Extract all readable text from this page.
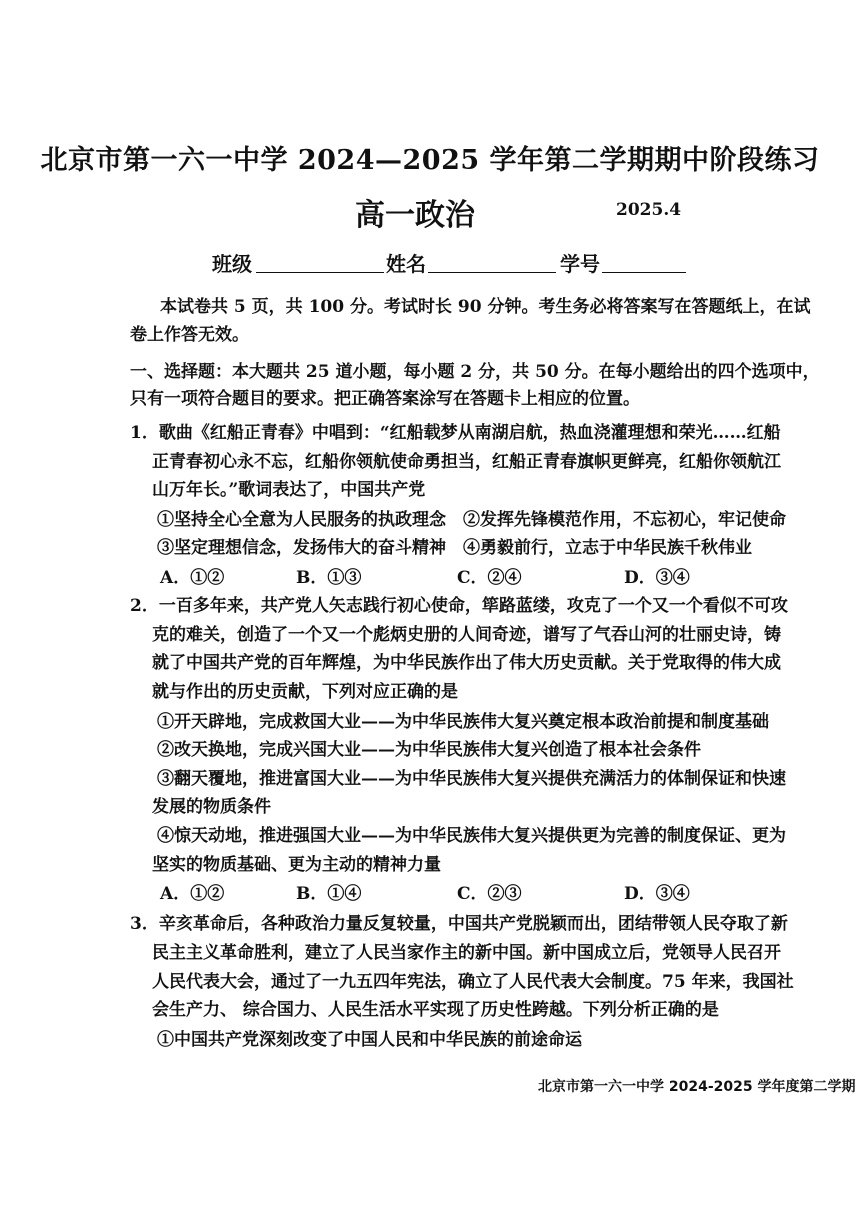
北京市第一六一中学 2024—2025 学年第二学期期中阶段练习
高一政治	2025.4
班级	姓名	学号
本试卷共 5 页，共 100 分。考试时长 90 分钟。考生务必将答案写在答题纸上，在试
卷上作答无效。
一、选择题：本大题共 25 道小题，每小题 2 分，共 50 分。在每小题给出的四个选项中，
只有一项符合题目的要求。把正确答案涂写在答题卡上相应的位置。
1．歌曲《红船正青春》中唱到：“红船载梦从南湖启航，热血浇灌理想和荣光……红船
正青春初心永不忘，红船你领航使命勇担当，红船正青春旗帜更鲜亮，红船你领航江
山万年长。”歌词表达了，中国共产党
①坚持全心全意为人民服务的执政理念　②发挥先锋模范作用，不忘初心，牢记使命
③坚定理想信念，发扬伟大的奋斗精神　④勇毅前行，立志于中华民族千秋伟业
A．①②	B．①③	C．②④	D．③④
2．一百多年来，共产党人矢志践行初心使命，筚路蓝缕，攻克了一个又一个看似不可攻
克的难关，创造了一个又一个彪炳史册的人间奇迹，谱写了气吞山河的壮丽史诗，铸
就了中国共产党的百年辉煌，为中华民族作出了伟大历史贡献。关于党取得的伟大成
就与作出的历史贡献，下列对应正确的是
①开天辟地，完成救国大业——为中华民族伟大复兴奠定根本政治前提和制度基础
②改天换地，完成兴国大业——为中华民族伟大复兴创造了根本社会条件
③翻天覆地，推进富国大业——为中华民族伟大复兴提供充满活力的体制保证和快速
发展的物质条件
④惊天动地，推进强国大业——为中华民族伟大复兴提供更为完善的制度保证、更为
坚实的物质基础、更为主动的精神力量
A．①②	B．①④	C．②③	D．③④
3．辛亥革命后，各种政治力量反复较量，中国共产党脱颖而出，团结带领人民夺取了新
民主主义革命胜利，建立了人民当家作主的新中国。新中国成立后，党领导人民召开
人民代表大会，通过了一九五四年宪法，确立了人民代表大会制度。75 年来，我国社
会生产力、 综合国力、人民生活水平实现了历史性跨越。下列分析正确的是
①中国共产党深刻改变了中国人民和中华民族的前途命运
北京市第一六一中学 2024-2025 学年度第二学期
